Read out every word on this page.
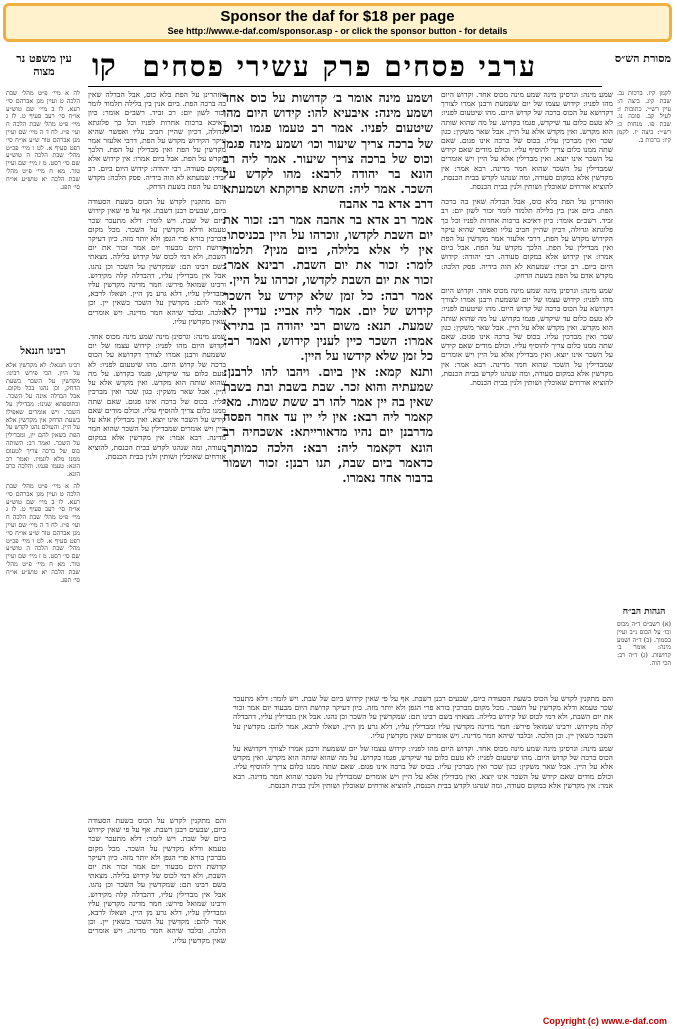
Sponsor the daf for $18 per page
See http://www.e-daf.com/sponsor.asp - or click the sponsor button - for details
מסורת הש״ס
ערבי פסחים פרק עשירי פסחים
קו
עין משפט נר מצוה

לקמן קיז. ברכות נב. שבת קיג. ביצה ה: עיין רש״י. כתובות ז: לעיל קב. סוכה נו. שבת פו. מנחות כ: רש״י: ביצה יז. לקמן קיז: ברכות ב.

הגהות הב״ח

(א) רשב״ם ד״ה מכוס וכו׳ על הכוס נ״ב ועיין בסמוך. (ב) ד״ה ושמע מינה: אומר ב׳ קדושות. (ג) ד״ה רב: הכי הוה.

שמע מינה: וגרסינן מינה שמע מינה מכוס אחד. וקדוש היום מהו לפניו: קידוש עצמו של יום ששמעת ורבנן אמרו לצורך דקדושא על הכוס ברכה של קדוש היום. מהו שיטעום לפניו: לא טעם כלום עד שיקדש, פגמו בקדוש. על מה שהוא שותה הוא מקדש. ואין מקדש אלא על היין. אבל שאר משקין: כגון שכר ואין מברכין עליו. בכוס של ברכה אינו פגום. שאם שתה ממנו כלום צריך להוסיף עליו. וכולם מודים שאם קידש על השכר אינו יוצא. ואין מבדילין אלא על היין ויש אומרים שמבדילין על השכר שהוא חמר מדינה. רבא אמר: אין מקדשין אלא במקום סעודה, ומה שנהגו לקדש בבית הכנסת, להוציא אורחים שאוכלין ושותין ולנין בבית הכנסת.

ואזהרינן על הפת בלא כוס, אבל הבדלה שאין בה ברכה הפת. ביום אנין בין בלילה תלמוד לומר זכור לשון יום: רב זביד. רשב״ם אומר: כיון דאיכא ברכות אחרות לפניו וכל כך פלוגתא וגדולה, דכיון שהיין חביב עליו ואפשר שהיא עיקר הקידוש מקדש על הפת, דרבי אלעזר אמר מקדשין על הפת ואין מבדילין על הפת. הלכך מקדש על הפת. אבל ביום אמרו: אין קידוש אלא במקום סעודה. רבי יהודה: קידוש היום ביום. רב זביד: שמעתא לא הוה בידיה. פסק הלכה: מקדש אדם על הפת בשעת הדחק.

שמע מינה: וגרסינן מינה שמע מינה מכוס אחד. וקדוש היום מהו לפניו: קידוש עצמו של יום ששמעת ורבנן אמרו לצורך דקדושא על הכוס ברכה של קדוש היום. מהו שיטעום לפניו: לא טעם כלום עד שיקדש, פגמו בקדוש. על מה שהוא שותה הוא מקדש. ואין מקדש אלא על היין. אבל שאר משקין: כגון שכר ואין מברכין עליו. בכוס של ברכה אינו פגום. שאם שתה ממנו כלום צריך להוסיף עליו. וכולם מודים שאם קידש על השכר אינו יוצא. ואין מבדילין אלא על היין ויש אומרים שמבדילין על השכר שהוא חמר מדינה. רבא אמר: אין מקדשין אלא במקום סעודה, ומה שנהגו לקדש בבית הכנסת, להוציא אורחים שאוכלין ושותין ולנין בבית הכנסת.

ושמע מינה אומר ב׳ קדושות על כוס אחד ושמע מינה: איבעיא להו: קידוש היום מהו שיטעום לפניו. אמר רב טעמו פגמו וכוס של ברכה צריך שיעור וכו׳ ושמע מינה פגמו וכוס של ברכה צריך שיעור. אמר ליה רב הונא בר יהודה לרבא: מהו לקדש על השכר. אמר ליה: השתא פרוקתא ושמעתא דרב אדא בר אהבה

אמר רב אדא בר אהבה אמר רב: זכור את יום השבת לקדשו, זוכרהו על היין בכניסתו. אין לי אלא בלילה, ביום מנין? תלמוד לומר: זכור את יום השבת. רבינא אמר: זכור את יום השבת לקדשו, זכרהו על היין.

אמר רבה: כל זמן שלא קידש על השכר קידוש של יום. אמר ליה אביי: עדיין לא שמעת. תנא: משום רבי יהודה בן בתירא אמרו: השכר כיין לענין קידוש, ואמר רב: כל זמן שלא קידשו על היין.

ותנא קמא: אין ביום. ויהבו להו לרבנן: שמעתיה והוא זכר. שבת בשבת ובת בשבת שאין בה יין אמר להו רב ששת שמות. מאי קאמר ליה רבא: אין לי יין עד אחר הפסח מדרבנן יום נהיו מדאורייתא: אשכחיה רב הונא דקאמר ליה: רבא: הלכה כמותך. כדאמר ביום שבת, תנו רבנן: זכור ושמור בדבור אחד נאמרו.

ואזהרינן על הפת בלא כוס, אבל הבדלה שאין בה ברכה הפת. ביום אנין בין בלילה תלמוד לומר זכור לשון יום: רב זביד. רשב״ם אומר: כיון דאיכא ברכות אחרות לפניו וכל כך פלוגתא וגדולה, דכיון שהיין חביב עליו ואפשר שהיא עיקר הקידוש מקדש על הפת, דרבי אלעזר אמר מקדשין על הפת ואין מבדילין על הפת. הלכך מקדש על הפת. אבל ביום אמרו: אין קידוש אלא במקום סעודה. רבי יהודה: קידוש היום ביום. רב זביד: שמעתא לא הוה בידיה. פסק הלכה: מקדש אדם על הפת בשעת הדחק.

והם מתקנין לקדש על הכוס בשעת הסעודה ביום, שבעים רבנן דשבת. אף על פי שאין קידוש ביום של שבת. ויש לומר: דלא מתעכר שכר טעמא ודלא מקדשין על השכר. מכל מקום מברכין בורא פרי הגפן ולא יותר מזה. כיון דעיקר קדושת היום מבעוד יום אמר זכור את יום השבת, ולא דמי לכוס של קידוש בלילה. מצאתי בשם רבינו תם: שמקדשין על השכר וכן נהגו. אבל אין מבדילין עליו, דהבדלה קלה מקידוש. ורבינו שמואל פירש: חמר מדינה מקדשין עליו ומבדילין עליו, דלא גרע מן היין. ושאלו לרבא, אמר להם: מקדשין על השכר כשאין יין. וכן הלכה. ובלבד שיהא חמר מדינה. ויש אומרים שאין מקדשין עליו.

שמע מינה: וגרסינן מינה שמע מינה מכוס אחד. וקדוש היום מהו לפניו: קידוש עצמו של יום ששמעת ורבנן אמרו לצורך דקדושא על הכוס ברכה של קדוש היום. מהו שיטעום לפניו: לא טעם כלום עד שיקדש, פגמו בקדוש. על מה שהוא שותה הוא מקדש. ואין מקדש אלא על היין. אבל שאר משקין: כגון שכר ואין מברכין עליו. בכוס של ברכה אינו פגום. שאם שתה ממנו כלום צריך להוסיף עליו. וכולם מודים שאם קידש על השכר אינו יוצא. ואין מבדילין אלא על היין ויש אומרים שמבדילין על השכר שהוא חמר מדינה. רבא אמר: אין מקדשין אלא במקום סעודה, ומה שנהגו לקדש בבית הכנסת, להוציא אורחים שאוכלין ושותין ולנין בבית הכנסת.

לה א מיי׳ פ״ט מהל׳ שבת הלכה ט ועיין מגן אברהם סי׳ רעא. לו ב מיי׳ שם טוש״ע או״ח סי׳ רעב סעיף ט. לז ג מיי׳ פ״ט מהל׳ שבת הלכה ח ועי׳ פ״ז. לח ד ה מיי׳ שם ועיין מגן אברהם טור ש״ע או״ח סי׳ רפט סעיף א. לט ו מיי׳ פכ״ט מהל׳ שבת הלכה ה טוש״ע שם סי׳ רסט. מ ז מיי׳ שם ועיין טור. מא ח מיי׳ פ״ט מהל׳ שבת הלכה יא טוש״ע או״ח סי׳ תפג.

רבינו חננאל

רבינו חננאל: לא מקדשין אלא על היין. הכי פירש רבינו: מקדשין על השכר בשעת הדחק, וכן נהגו בכל מקום. אבל הבדלה אינה על השכר. ובתוספתא שנינו: מבדילין על השכר. ויש אומרים שאפילו בשעת הדחק אין מקדשין אלא על היין. והעולם נהגו לקדש על הפת כשאין להם יין, ומבדילין על השכר. ואמר רב: השותה כוס של ברכה צריך לטעום ממנו מלא לוגמיו. ואמר רב הונא: טעמו פגמו. והלכה כרב הונא.

לה א מיי׳ פ״ט מהל׳ שבת הלכה ט ועיין מגן אברהם סי׳ רעא. לו ב מיי׳ שם טוש״ע או״ח סי׳ רעב סעיף ט. לז ג מיי׳ פ״ט מהל׳ שבת הלכה ח ועי׳ פ״ז. לח ד ה מיי׳ שם ועיין מגן אברהם טור ש״ע או״ח סי׳ רפט סעיף א. לט ו מיי׳ פכ״ט מהל׳ שבת הלכה ה טוש״ע שם סי׳ רסט. מ ז מיי׳ שם ועיין טור. מא ח מיי׳ פ״ט מהל׳ שבת הלכה יא טוש״ע או״ח סי׳ תפג.

והם מתקנין לקדש על הכוס בשעת הסעודה ביום, שבעים רבנן דשבת. אף על פי שאין קידוש ביום של שבת. ויש לומר: דלא מתעכר שכר טעמא ודלא מקדשין על השכר. מכל מקום מברכין בורא פרי הגפן ולא יותר מזה. כיון דעיקר קדושת היום מבעוד יום אמר זכור את יום השבת, ולא דמי לכוס של קידוש בלילה. מצאתי בשם רבינו תם: שמקדשין על השכר וכן נהגו. אבל אין מבדילין עליו, דהבדלה קלה מקידוש. ורבינו שמואל פירש: חמר מדינה מקדשין עליו ומבדילין עליו, דלא גרע מן היין. ושאלו לרבא, אמר להם: מקדשין על השכר כשאין יין. וכן הלכה. ובלבד שיהא חמר מדינה. ויש אומרים שאין מקדשין עליו.

שמע מינה: וגרסינן מינה שמע מינה מכוס אחד. וקדוש היום מהו לפניו: קידוש עצמו של יום ששמעת ורבנן אמרו לצורך דקדושא על הכוס ברכה של קדוש היום. מהו שיטעום לפניו: לא טעם כלום עד שיקדש, פגמו בקדוש. על מה שהוא שותה הוא מקדש. ואין מקדש אלא על היין. אבל שאר משקין: כגון שכר ואין מברכין עליו. בכוס של ברכה אינו פגום. שאם שתה ממנו כלום צריך להוסיף עליו. וכולם מודים שאם קידש על השכר אינו יוצא. ואין מבדילין אלא על היין ויש אומרים שמבדילין על השכר שהוא חמר מדינה. רבא אמר: אין מקדשין אלא במקום סעודה, ומה שנהגו לקדש בבית הכנסת, להוציא אורחים שאוכלין ושותין ולנין בבית הכנסת.

והם מתקנין לקדש על הכוס בשעת הסעודה ביום, שבעים רבנן דשבת. אף על פי שאין קידוש ביום של שבת. ויש לומר: דלא מתעכר שכר טעמא ודלא מקדשין על השכר. מכל מקום מברכין בורא פרי הגפן ולא יותר מזה. כיון דעיקר קדושת היום מבעוד יום אמר זכור את יום השבת, ולא דמי לכוס של קידוש בלילה. מצאתי בשם רבינו תם: שמקדשין על השכר וכן נהגו. אבל אין מבדילין עליו, דהבדלה קלה מקידוש. ורבינו שמואל פירש: חמר מדינה מקדשין עליו ומבדילין עליו, דלא גרע מן היין. ושאלו לרבא, אמר להם: מקדשין על השכר כשאין יין. וכן הלכה. ובלבד שיהא חמר מדינה. ויש אומרים שאין מקדשין עליו.

Copyright (c) www.e-daf.com
